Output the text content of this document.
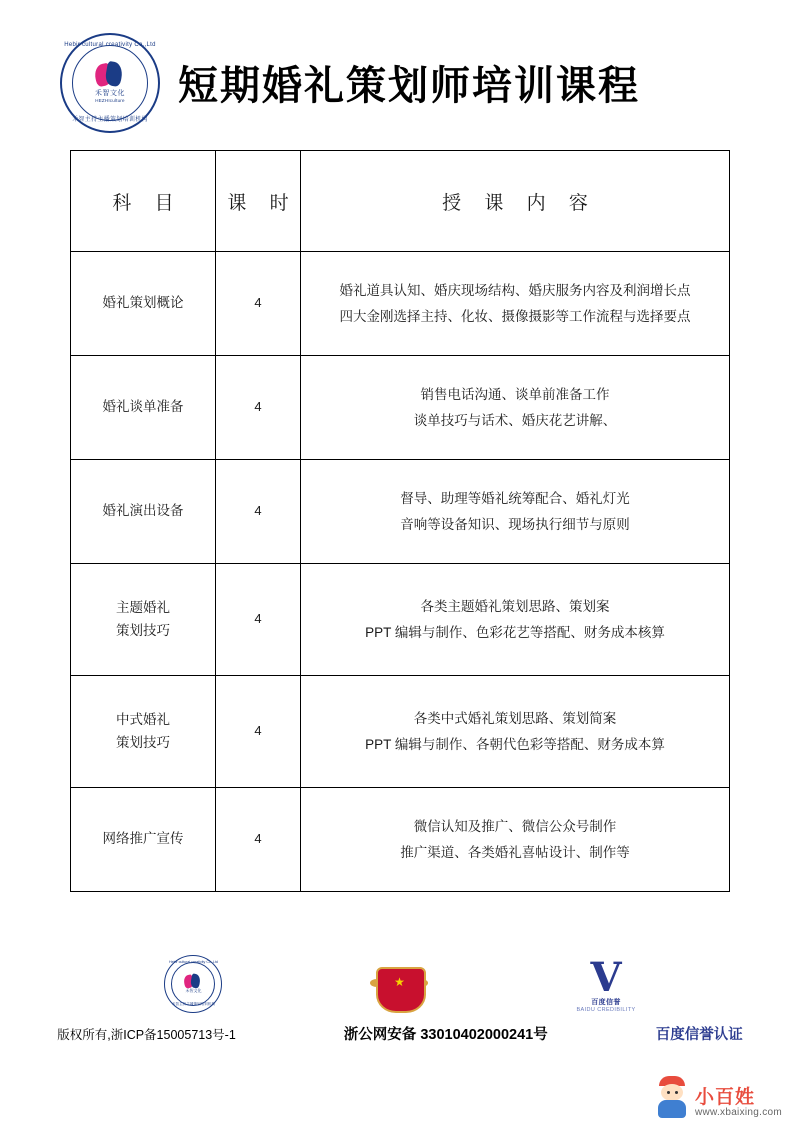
Hebir cultural creativity Co.,Ltd
禾智文化
HEZHIculture
禾智主持主播策划培训机构
短期婚礼策划师培训课程
科 目	课 时	授 课 内 容
婚礼策划概论	4	婚礼道具认知、婚庆现场结构、婚庆服务内容及利润增长点
四大金刚选择主持、化妆、摄像摄影等工作流程与选择要点
婚礼谈单准备	4	销售电话沟通、谈单前准备工作
谈单技巧与话术、婚庆花艺讲解、
婚礼演出设备	4	督导、助理等婚礼统筹配合、婚礼灯光
音响等设备知识、现场执行细节与原则
主题婚礼
策划技巧	4	各类主题婚礼策划思路、策划案
PPT 编辑与制作、色彩花艺等搭配、财务成本核算
中式婚礼
策划技巧	4	各类中式婚礼策划思路、策划简案
PPT 编辑与制作、各朝代色彩等搭配、财务成本算
网络推广宣传	4	微信认知及推广、微信公众号制作
推广渠道、各类婚礼喜帖设计、制作等
Hebir cultural creativity Co.,Ltd
禾智文化
禾智主持主播策划培训机构
★	V
百度信誉
BAIDU CREDIBILITY
版权所有,浙ICP备15005713号-1	浙公网安备 33010402000241号	百度信誉认证
小百姓
www.xbaixing.com
